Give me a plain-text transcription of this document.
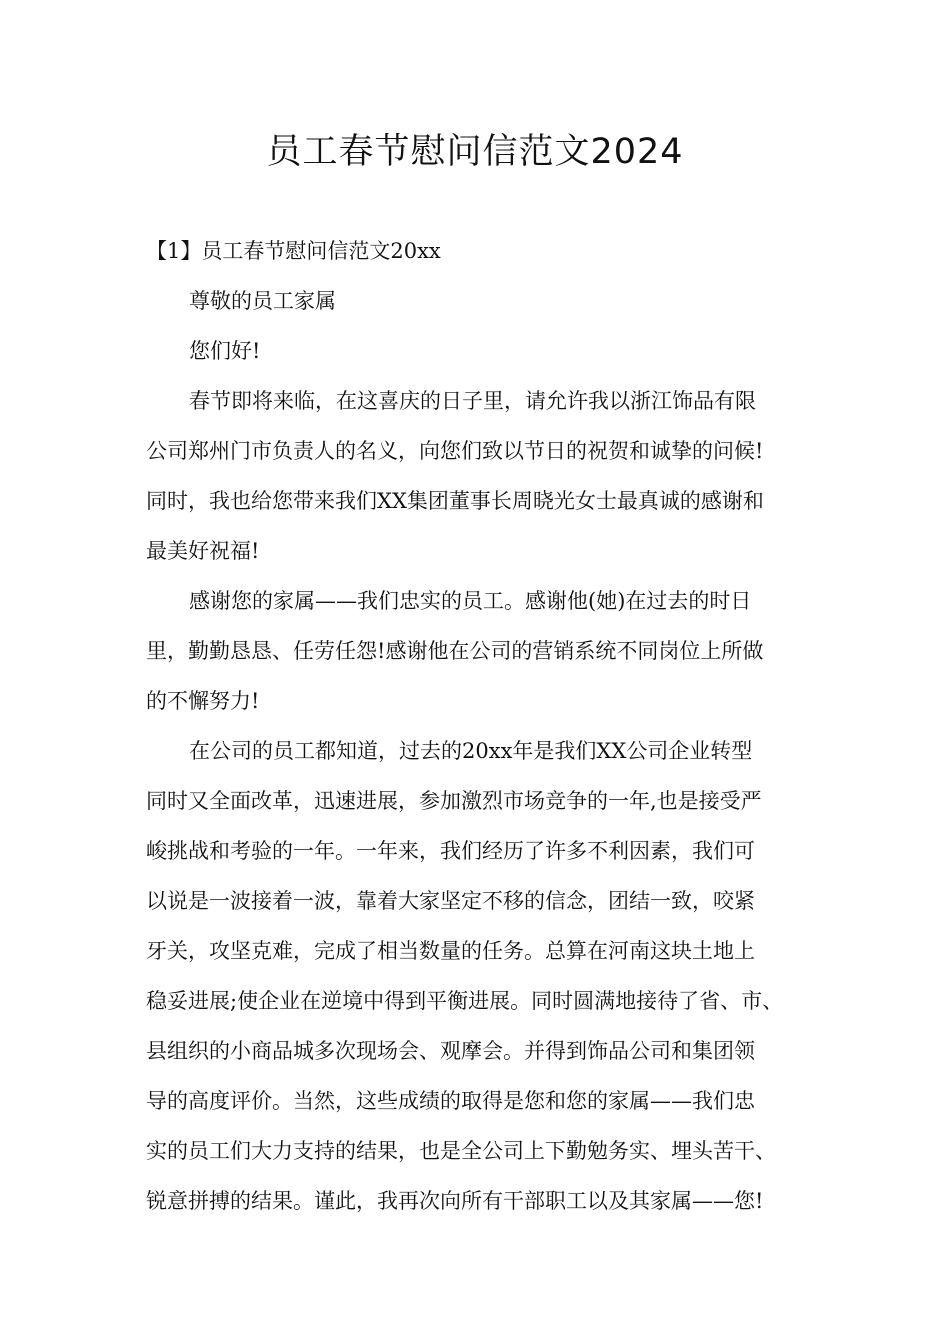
员工春节慰问信范文2024
【1】员工春节慰问信范文20xx
尊敬的员工家属
您们好!
春节即将来临，在这喜庆的日子里，请允许我以浙江饰品有限
公司郑州门市负责人的名义，向您们致以节日的祝贺和诚挚的问候!
同时，我也给您带来我们XX集团董事长周晓光女士最真诚的感谢和
最美好祝福!
感谢您的家属——我们忠实的员工。感谢他(她)在过去的时日
里，勤勤恳恳、任劳任怨!感谢他在公司的营销系统不同岗位上所做
的不懈努力!
在公司的员工都知道，过去的20xx年是我们XX公司企业转型
同时又全面改革，迅速进展，参加激烈市场竞争的一年,也是接受严
峻挑战和考验的一年。一年来，我们经历了许多不利因素，我们可
以说是一波接着一波，靠着大家坚定不移的信念，团结一致，咬紧
牙关，攻坚克难，完成了相当数量的任务。总算在河南这块土地上
稳妥进展;使企业在逆境中得到平衡进展。同时圆满地接待了省、市、
县组织的小商品城多次现场会、观摩会。并得到饰品公司和集团领
导的高度评价。当然，这些成绩的取得是您和您的家属——我们忠
实的员工们大力支持的结果，也是全公司上下勤勉务实、埋头苦干、
锐意拼搏的结果。谨此，我再次向所有干部职工以及其家属——您!
